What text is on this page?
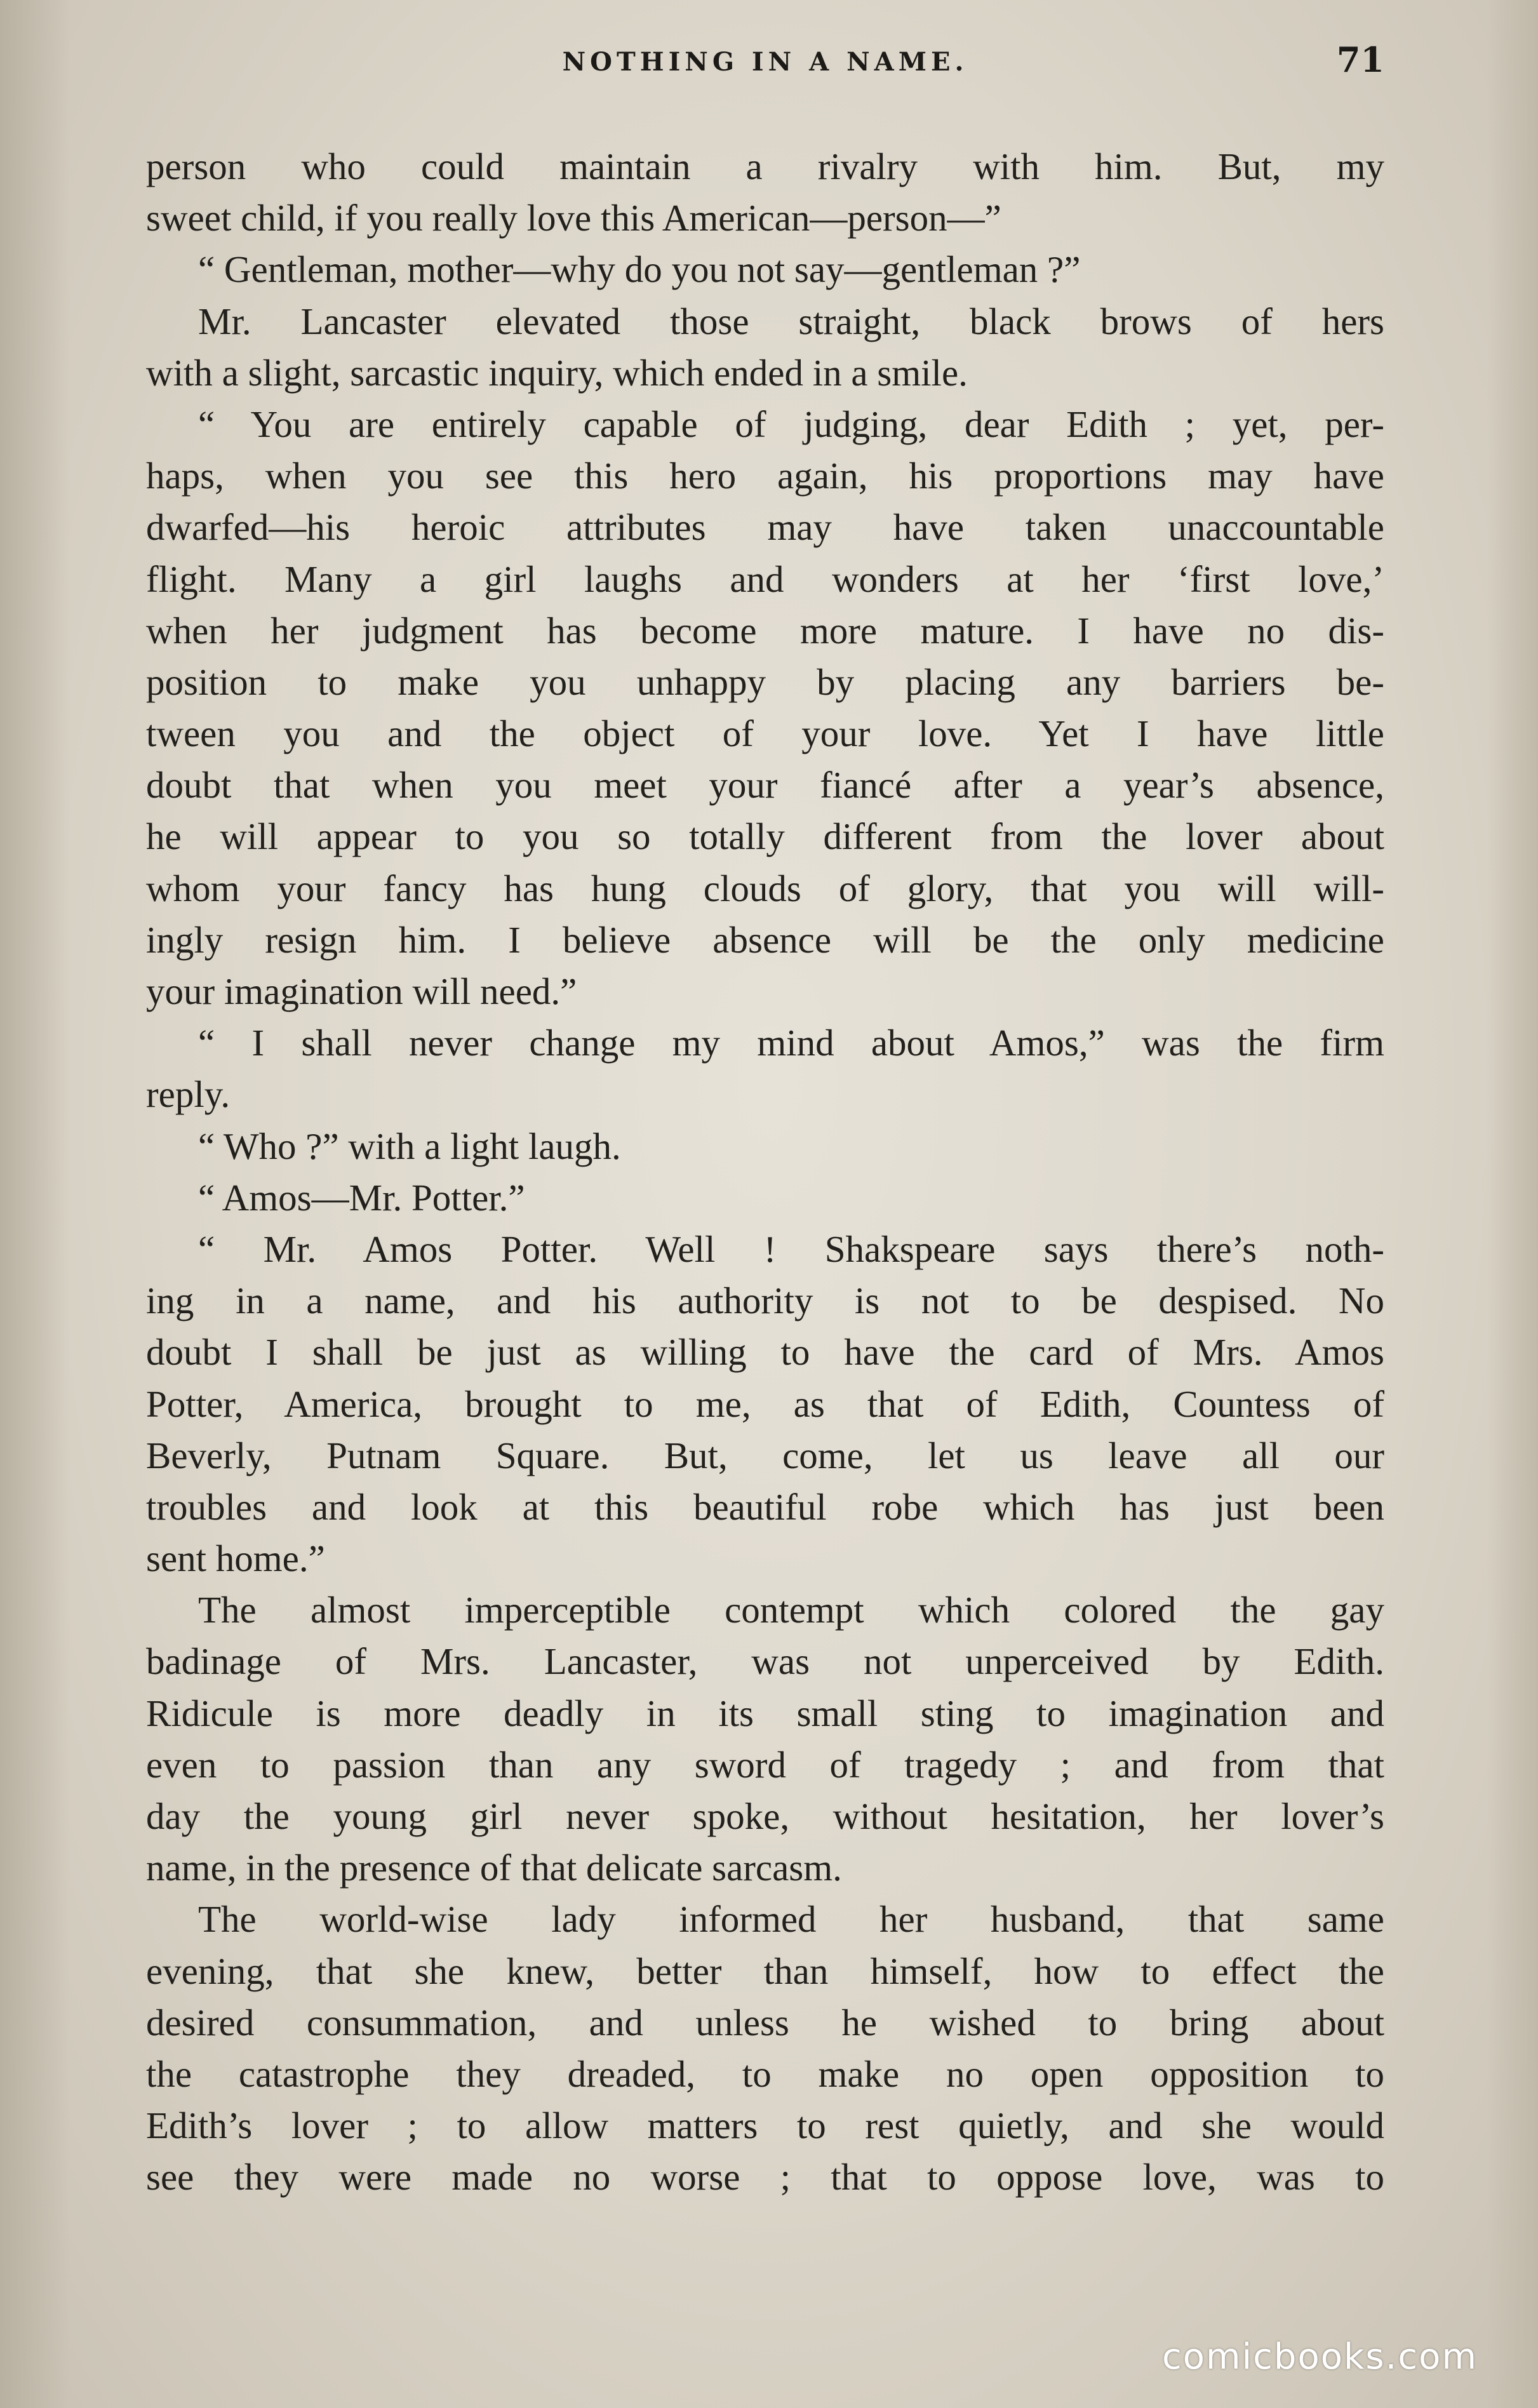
NOTHING IN A NAME.	71
person who could maintain a rivalry with him. But, my
sweet child, if you really love this American—person—”
“ Gentleman, mother—why do you not say—gentleman ?”
Mr. Lancaster elevated those straight, black brows of hers
with a slight, sarcastic inquiry, which ended in a smile.
“ You are entirely capable of judging, dear Edith ; yet, per-
haps, when you see this hero again, his proportions may have
dwarfed—his heroic attributes may have taken unaccountable
flight. Many a girl laughs and wonders at her ‘first love,’
when her judgment has become more mature. I have no dis-
position to make you unhappy by placing any barriers be-
tween you and the object of your love. Yet I have little
doubt that when you meet your fiancé after a year’s absence,
he will appear to you so totally different from the lover about
whom your fancy has hung clouds of glory, that you will will-
ingly resign him. I believe absence will be the only medicine
your imagination will need.”
“ I shall never change my mind about Amos,” was the firm
reply.
“ Who ?” with a light laugh.
“ Amos—Mr. Potter.”
“ Mr. Amos Potter. Well ! Shakspeare says there’s noth-
ing in a name, and his authority is not to be despised. No
doubt I shall be just as willing to have the card of Mrs. Amos
Potter, America, brought to me, as that of Edith, Countess of
Beverly, Putnam Square. But, come, let us leave all our
troubles and look at this beautiful robe which has just been
sent home.”
The almost imperceptible contempt which colored the gay
badinage of Mrs. Lancaster, was not unperceived by Edith.
Ridicule is more deadly in its small sting to imagination and
even to passion than any sword of tragedy ; and from that
day the young girl never spoke, without hesitation, her lover’s
name, in the presence of that delicate sarcasm.
The world-wise lady informed her husband, that same
evening, that she knew, better than himself, how to effect the
desired consummation, and unless he wished to bring about
the catastrophe they dreaded, to make no open opposition to
Edith’s lover ; to allow matters to rest quietly, and she would
see they were made no worse ; that to oppose love, was to
comicbooks.com
